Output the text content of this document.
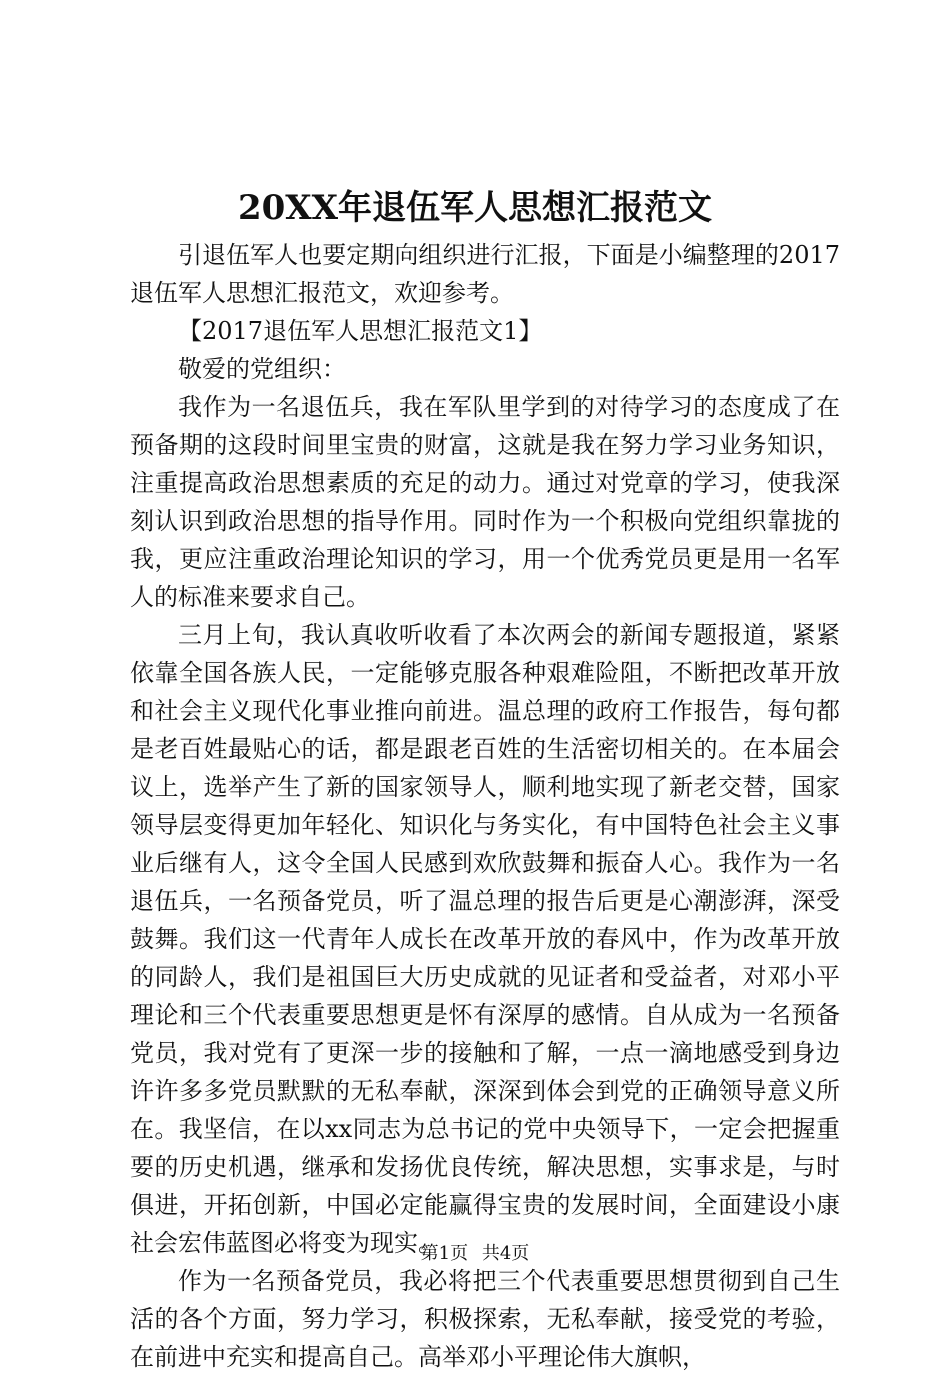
20XX年退伍军人思想汇报范文

引退伍军人也要定期向组织进行汇报，下面是小编整理的2017退伍军人思想汇报范文，欢迎参考。

【2017退伍军人思想汇报范文1】

敬爱的党组织：

我作为一名退伍兵，我在军队里学到的对待学习的态度成了在预备期的这段时间里宝贵的财富，这就是我在努力学习业务知识，注重提高政治思想素质的充足的动力。通过对党章的学习，使我深刻认识到政治思想的指导作用。同时作为一个积极向党组织靠拢的我，更应注重政治理论知识的学习，用一个优秀党员更是用一名军人的标准来要求自己。

三月上旬，我认真收听收看了本次两会的新闻专题报道，紧紧依靠全国各族人民，一定能够克服各种艰难险阻，不断把改革开放和社会主义现代化事业推向前进。温总理的政府工作报告，每句都是老百姓最贴心的话，都是跟老百姓的生活密切相关的。在本届会议上，选举产生了新的国家领导人，顺利地实现了新老交替，国家领导层变得更加年轻化、知识化与务实化，有中国特色社会主义事业后继有人，这令全国人民感到欢欣鼓舞和振奋人心。我作为一名退伍兵，一名预备党员，听了温总理的报告后更是心潮澎湃，深受鼓舞。我们这一代青年人成长在改革开放的春风中，作为改革开放的同龄人，我们是祖国巨大历史成就的见证者和受益者，对邓小平理论和三个代表重要思想更是怀有深厚的感情。自从成为一名预备党员，我对党有了更深一步的接触和了解，一点一滴地感受到身边许许多多党员默默的无私奉献，深深到体会到党的正确领导意义所在。我坚信，在以xx同志为总书记的党中央领导下，一定会把握重要的历史机遇，继承和发扬优良传统，解决思想，实事求是，与时俱进，开拓创新，中国必定能赢得宝贵的发展时间，全面建设小康社会宏伟蓝图必将变为现实。

作为一名预备党员，我必将把三个代表重要思想贯彻到自己生活的各个方面，努力学习，积极探索，无私奉献，接受党的考验，在前进中充实和提高自己。高举邓小平理论伟大旗帜，

第1页 共4页
